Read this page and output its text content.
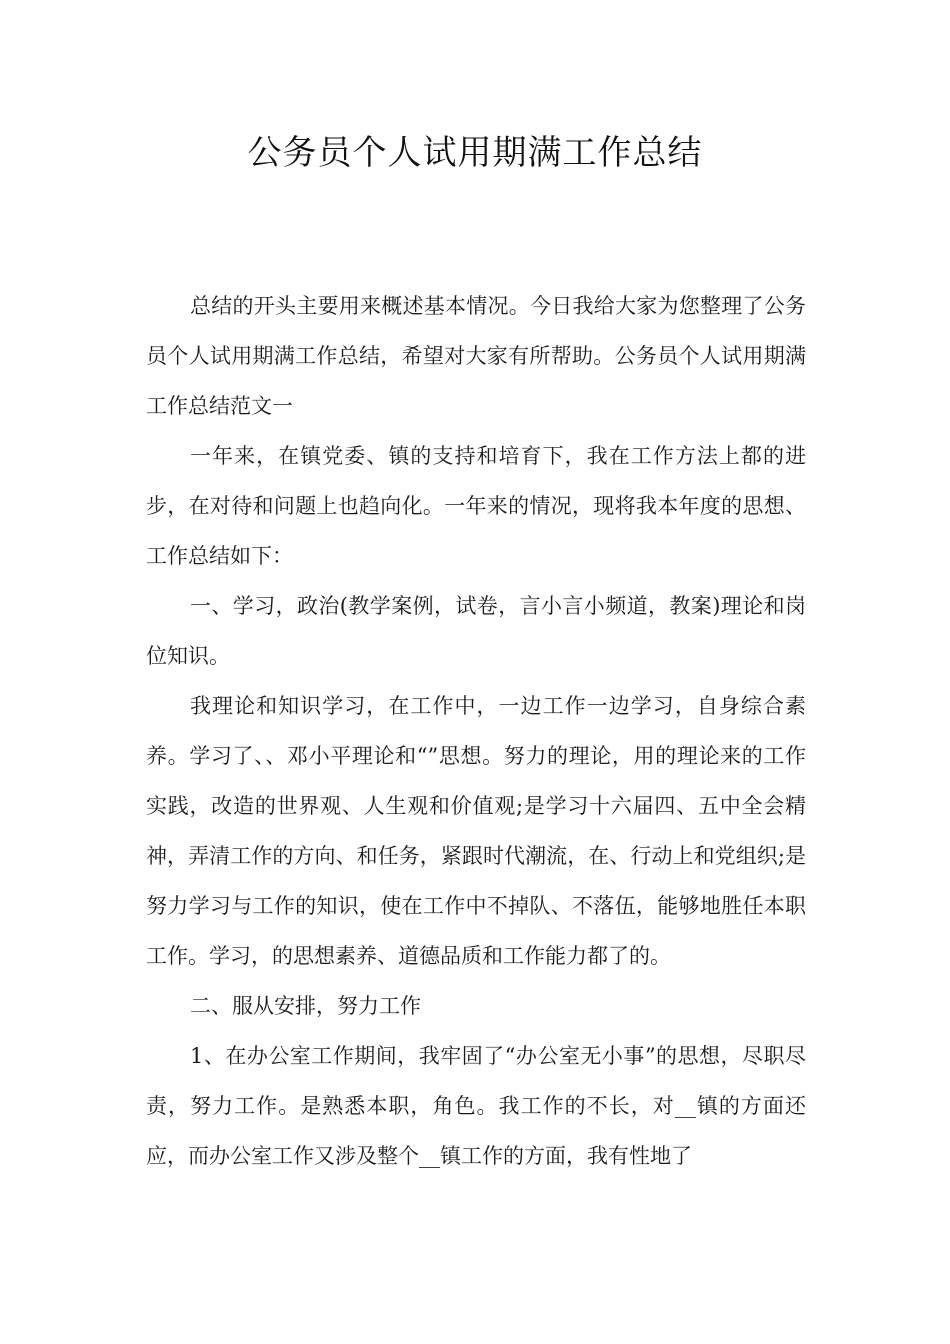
公务员个人试用期满工作总结

总结的开头主要用来概述基本情况。今日我给大家为您整理了公务员个人试用期满工作总结，希望对大家有所帮助。公务员个人试用期满工作总结范文一

一年来，在镇党委、镇的支持和培育下，我在工作方法上都的进步，在对待和问题上也趋向化。一年来的情况，现将我本年度的思想、工作总结如下：

一、学习，政治(教学案例，试卷，言小言小频道，教案)理论和岗位知识。

我理论和知识学习，在工作中，一边工作一边学习，自身综合素养。学习了、、邓小平理论和“”思想。努力的理论，用的理论来的工作实践，改造的世界观、人生观和价值观;是学习十六届四、五中全会精神，弄清工作的方向、和任务，紧跟时代潮流，在、行动上和党组织;是努力学习与工作的知识，使在工作中不掉队、不落伍，能够地胜任本职工作。学习，的思想素养、道德品质和工作能力都了的。

二、服从安排，努力工作

1、在办公室工作期间，我牢固了“办公室无小事”的思想，尽职尽责，努力工作。是熟悉本职，角色。我工作的不长，对__镇的方面还应，而办公室工作又涉及整个__镇工作的方面，我有性地了
